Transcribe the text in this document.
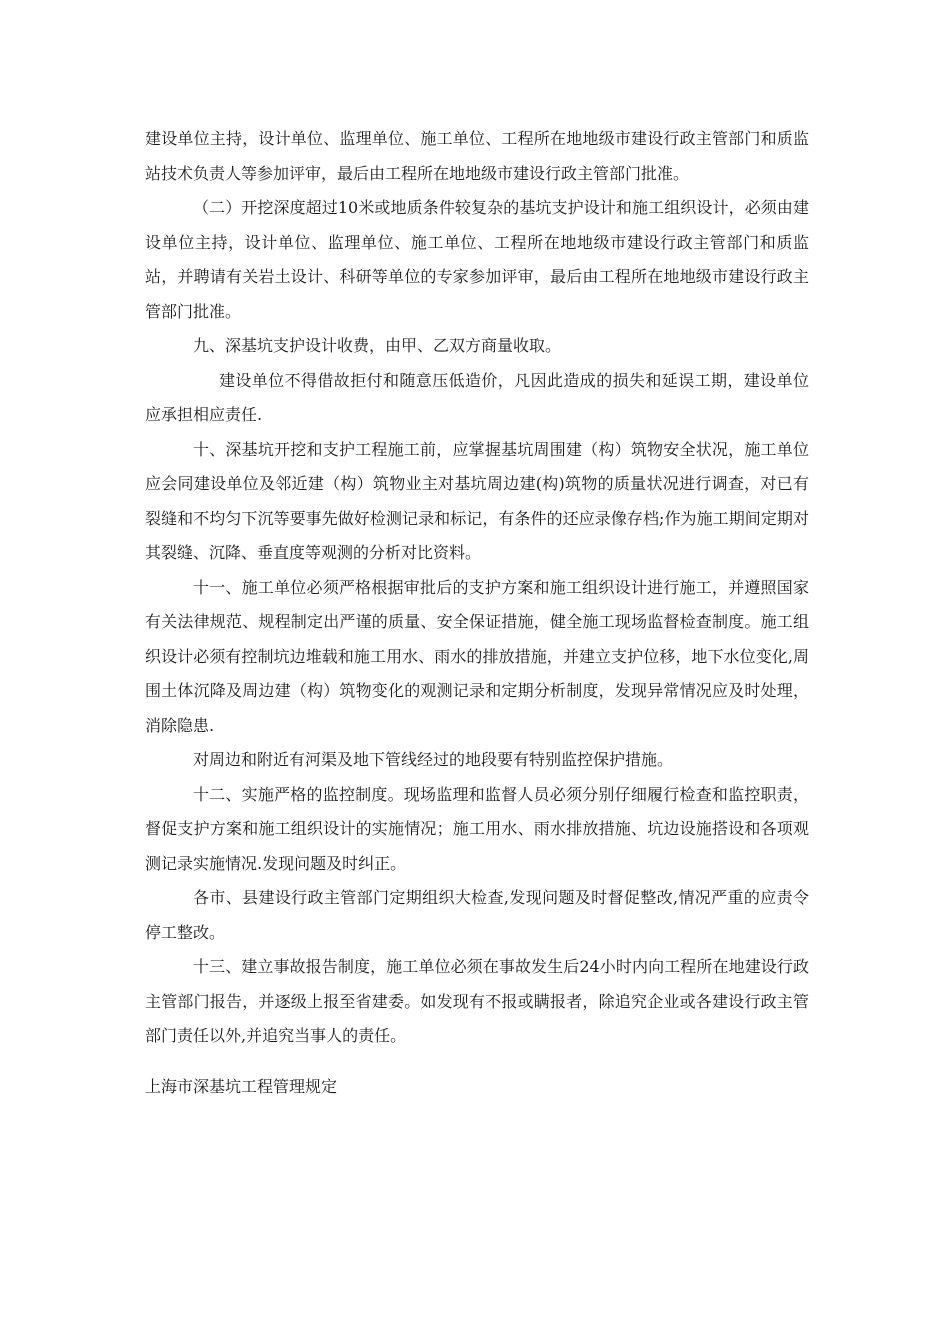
建设单位主持，设计单位、监理单位、施工单位、工程所在地地级市建设行政主管部门和质监站技术负责人等参加评审，最后由工程所在地地级市建设行政主管部门批准。

（二）开挖深度超过10米或地质条件较复杂的基坑支护设计和施工组织设计，必须由建设单位主持，设计单位、监理单位、施工单位、工程所在地地级市建设行政主管部门和质监站，并聘请有关岩土设计、科研等单位的专家参加评审，最后由工程所在地地级市建设行政主管部门批准。

九、深基坑支护设计收费，由甲、乙双方商量收取。

建设单位不得借故拒付和随意压低造价，凡因此造成的损失和延误工期，建设单位应承担相应责任.

十、深基坑开挖和支护工程施工前，应掌握基坑周围建（构）筑物安全状况，施工单位应会同建设单位及邻近建（构）筑物业主对基坑周边建(构)筑物的质量状况进行调查，对已有裂缝和不均匀下沉等要事先做好检测记录和标记，有条件的还应录像存档;作为施工期间定期对其裂缝、沉降、垂直度等观测的分析对比资料。

十一、施工单位必须严格根据审批后的支护方案和施工组织设计进行施工，并遵照国家有关法律规范、规程制定出严谨的质量、安全保证措施，健全施工现场监督检查制度。施工组织设计必须有控制坑边堆载和施工用水、雨水的排放措施，并建立支护位移，地下水位变化,周围土体沉降及周边建（构）筑物变化的观测记录和定期分析制度，发现异常情况应及时处理，消除隐患.

对周边和附近有河渠及地下管线经过的地段要有特别监控保护措施。

十二、实施严格的监控制度。现场监理和监督人员必须分别仔细履行检查和监控职责，督促支护方案和施工组织设计的实施情况；施工用水、雨水排放措施、坑边设施搭设和各项观测记录实施情况.发现问题及时纠正。

各市、县建设行政主管部门定期组织大检查,发现问题及时督促整改,情况严重的应责令停工整改。

十三、建立事故报告制度，施工单位必须在事故发生后24小时内向工程所在地建设行政主管部门报告，并逐级上报至省建委。如发现有不报或瞒报者，除追究企业或各建设行政主管部门责任以外,并追究当事人的责任。

上海市深基坑工程管理规定
